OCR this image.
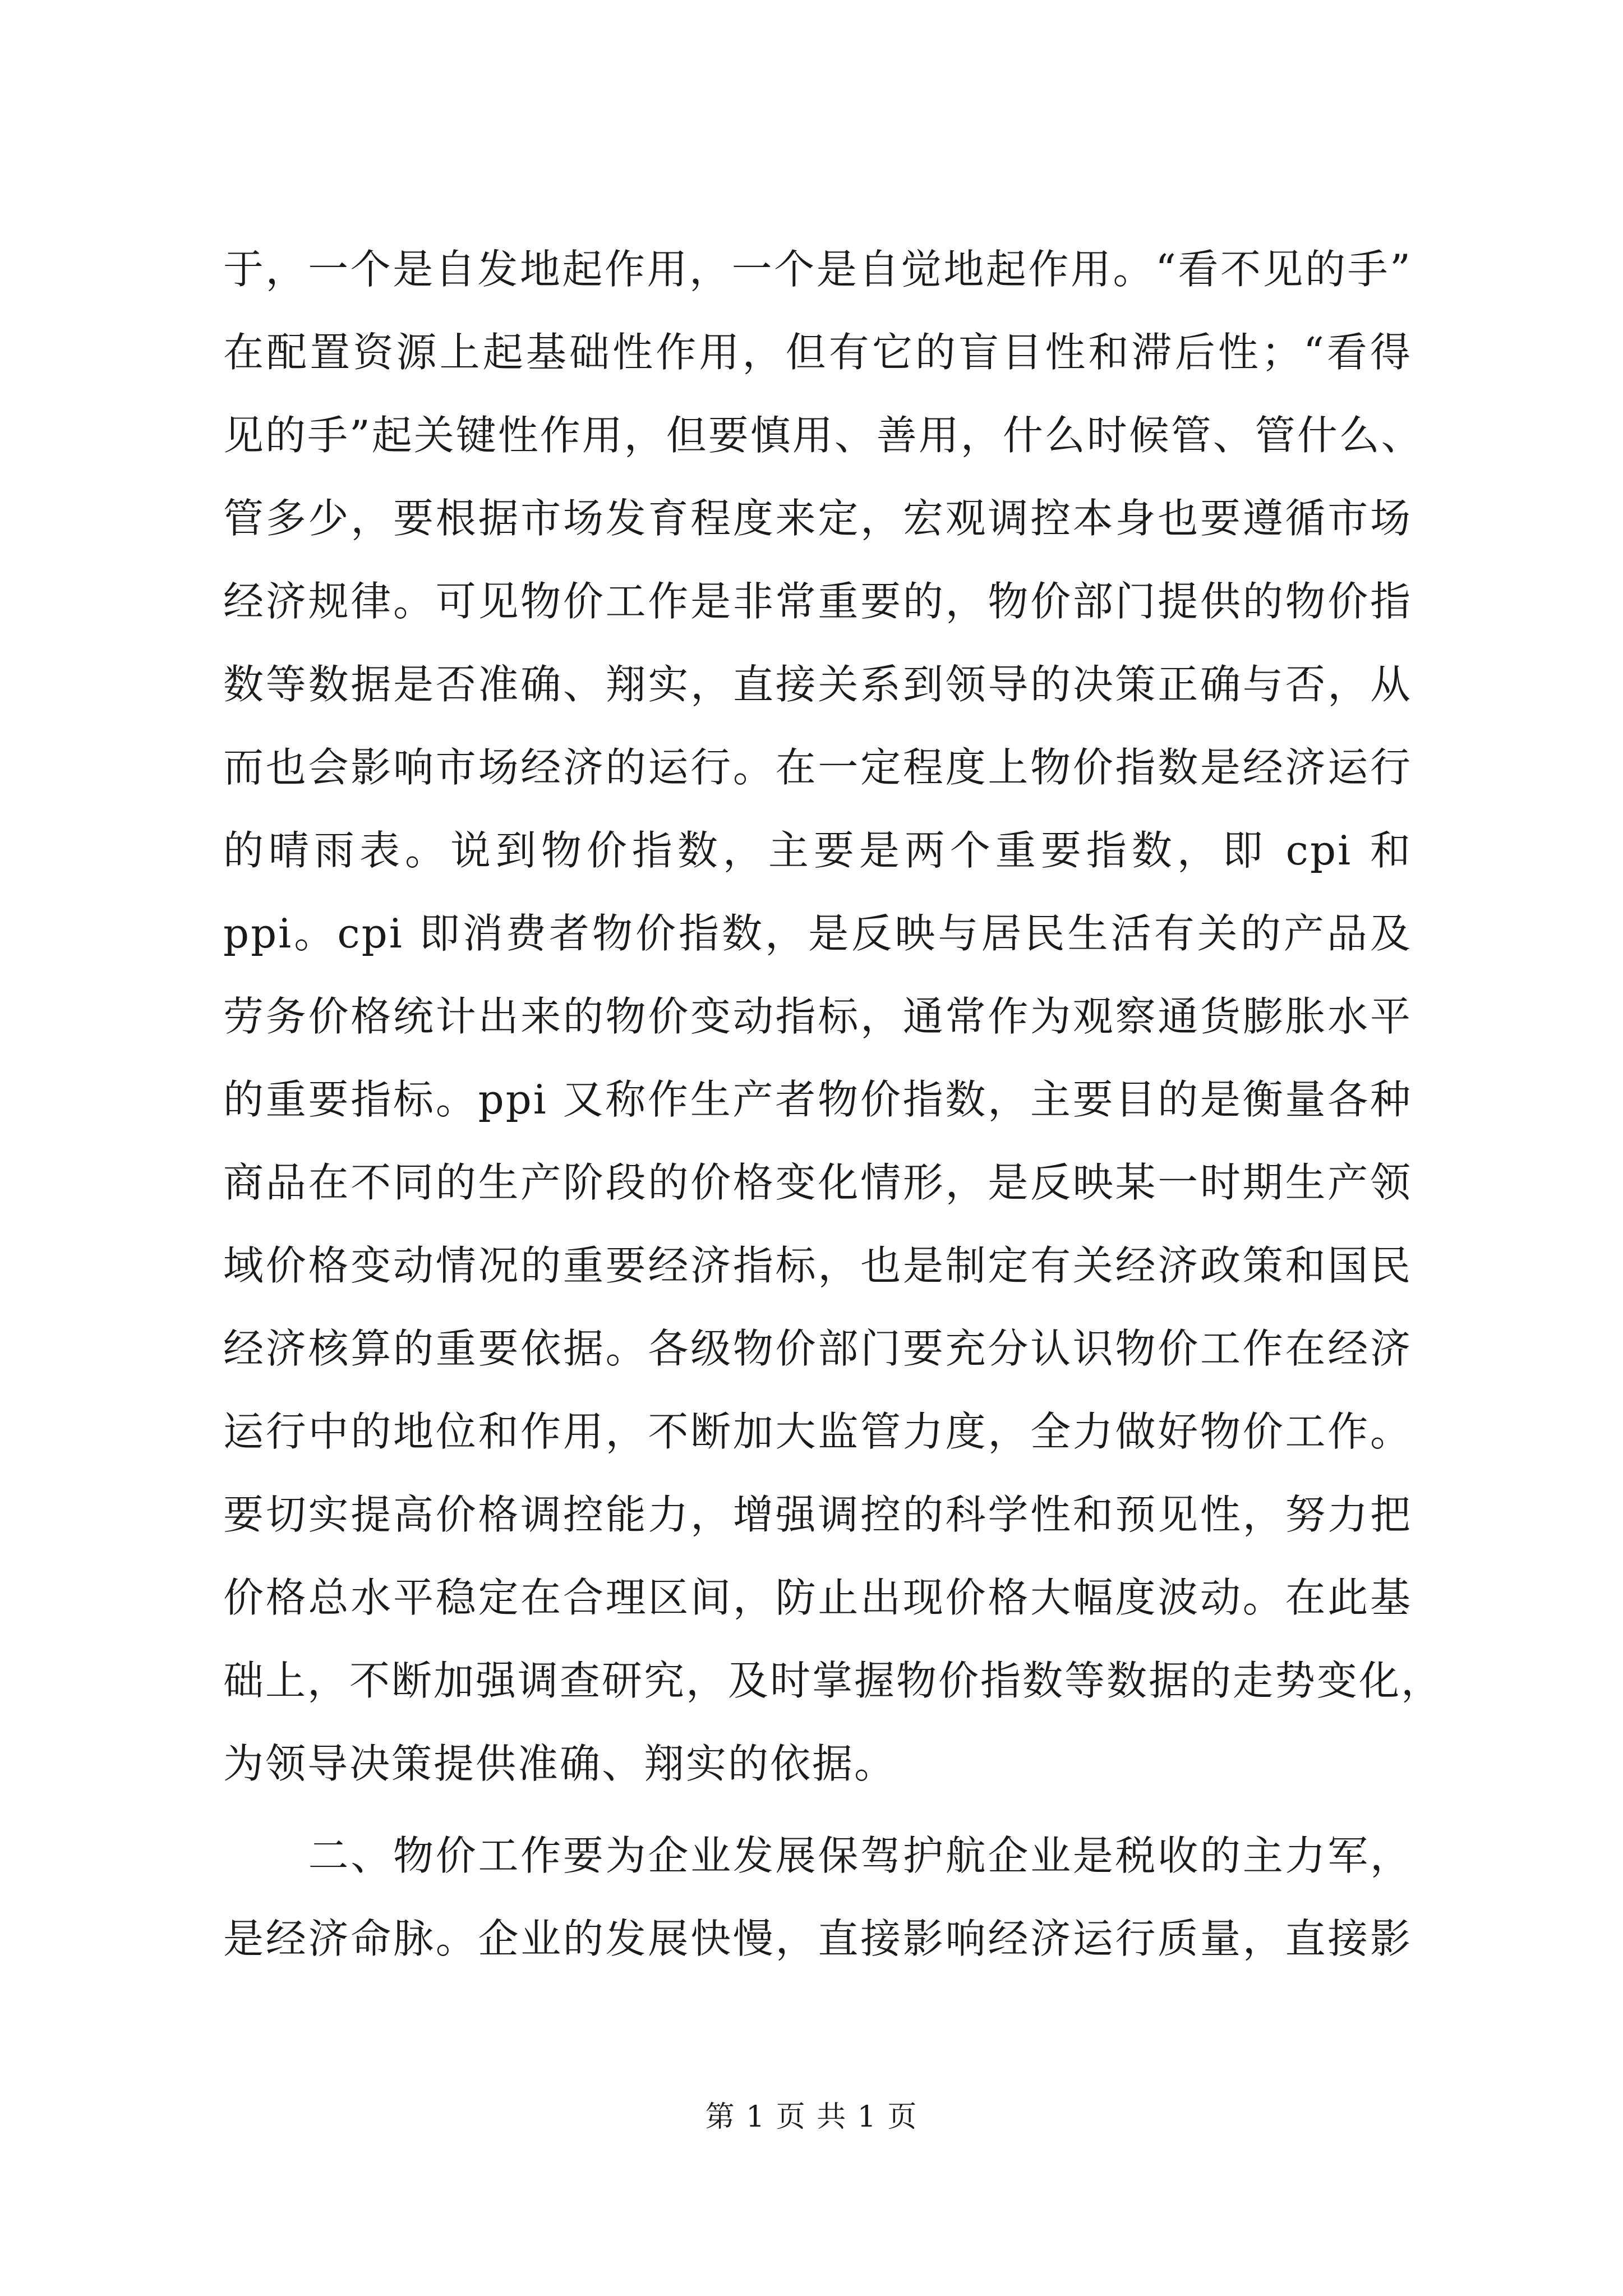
于，一个是自发地起作用，一个是自觉地起作用。“看不见的手”
在配置资源上起基础性作用，但有它的盲目性和滞后性；“看得
见的手”起关键性作用，但要慎用、善用，什么时候管、管什么、
管多少，要根据市场发育程度来定，宏观调控本身也要遵循市场
经济规律。可见物价工作是非常重要的，物价部门提供的物价指
数等数据是否准确、翔实，直接关系到领导的决策正确与否，从
而也会影响市场经济的运行。在一定程度上物价指数是经济运行
的晴雨表。说到物价指数，主要是两个重要指数，即 cpi 和
ppi。cpi 即消费者物价指数，是反映与居民生活有关的产品及
劳务价格统计出来的物价变动指标，通常作为观察通货膨胀水平
的重要指标。ppi 又称作生产者物价指数，主要目的是衡量各种
商品在不同的生产阶段的价格变化情形，是反映某一时期生产领
域价格变动情况的重要经济指标，也是制定有关经济政策和国民
经济核算的重要依据。各级物价部门要充分认识物价工作在经济
运行中的地位和作用，不断加大监管力度，全力做好物价工作。
要切实提高价格调控能力，增强调控的科学性和预见性，努力把
价格总水平稳定在合理区间，防止出现价格大幅度波动。在此基
础上，不断加强调查研究，及时掌握物价指数等数据的走势变化，
为领导决策提供准确、翔实的依据。
　　二、物价工作要为企业发展保驾护航企业是税收的主力军，
是经济命脉。企业的发展快慢，直接影响经济运行质量，直接影
第 1 页 共 1 页
